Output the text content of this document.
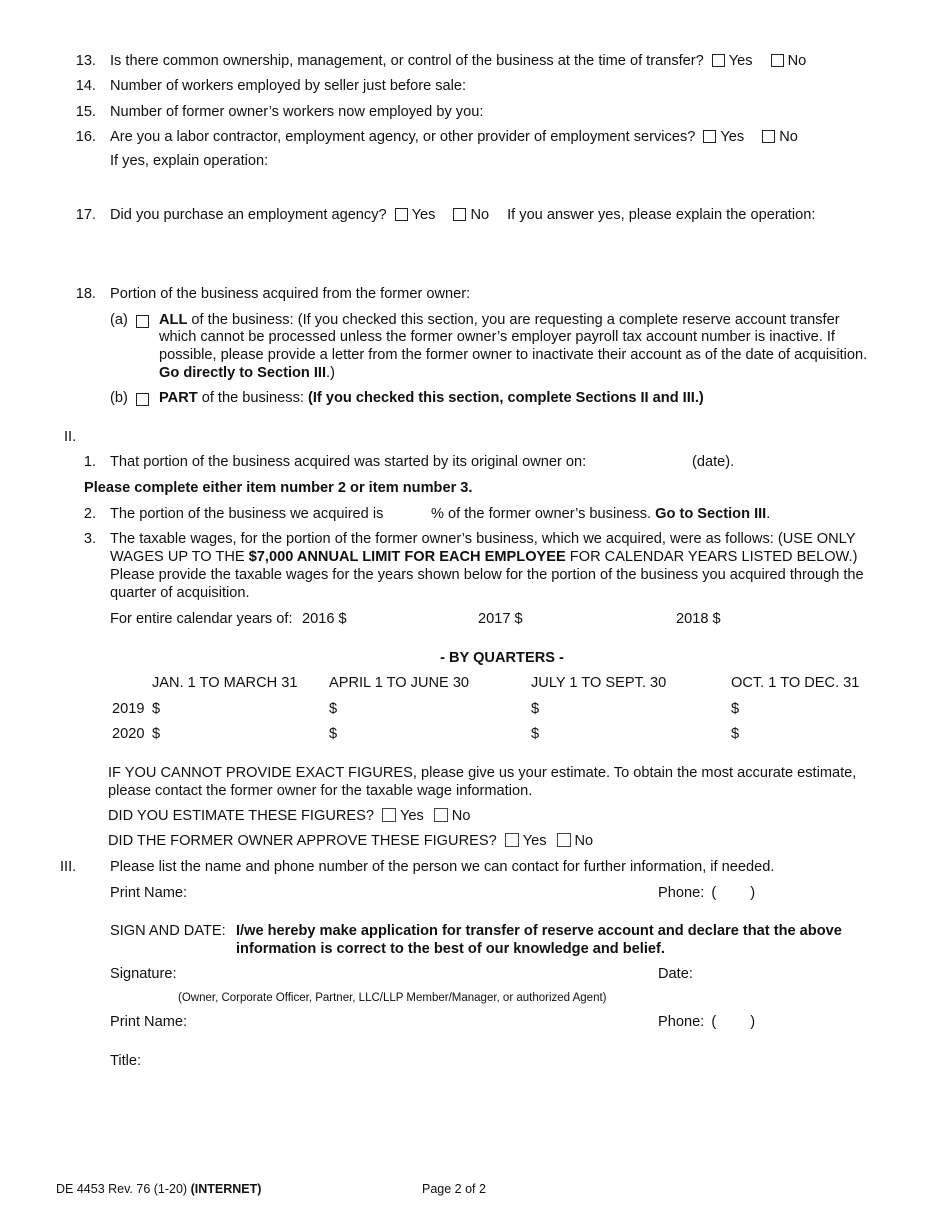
13. Is there common ownership, management, or control of the business at the time of transfer? Yes No
14. Number of workers employed by seller just before sale:
15. Number of former owner’s workers now employed by you:
16. Are you a labor contractor, employment agency, or other provider of employment services? Yes No
If yes, explain operation:
17. Did you purchase an employment agency? Yes No If you answer yes, please explain the operation:
18. Portion of the business acquired from the former owner:
(a) ALL of the business: (If you checked this section, you are requesting a complete reserve account transfer
which cannot be processed unless the former owner’s employer payroll tax account number is inactive. If
possible, please provide a letter from the former owner to inactivate their account as of the date of acquisition.
Go directly to Section III.)
(b) PART of the business: (If you checked this section, complete Sections II and III.)
II.
1. That portion of the business acquired was started by its original owner on:	(date).
Please complete either item number 2 or item number 3.
2. The portion of the business we acquired is	% of the former owner’s business. Go to Section III.
3. The taxable wages, for the portion of the former owner’s business, which we acquired, were as follows: (USE ONLY
WAGES UP TO THE $7,000 ANNUAL LIMIT FOR EACH EMPLOYEE FOR CALENDAR YEARS LISTED BELOW.)
Please provide the taxable wages for the years shown below for the portion of the business you acquired through the
quarter of acquisition.
For entire calendar years of: 2016 $	2017 $	2018 $
- BY QUARTERS -
JAN. 1 TO MARCH 31 APRIL 1 TO JUNE 30	JULY 1 TO SEPT. 30	OCT. 1 TO DEC. 31
2019 $	$	$	$
2020 $	$	$	$
IF YOU CANNOT PROVIDE EXACT FIGURES, please give us your estimate. To obtain the most accurate estimate,
please contact the former owner for the taxable wage information.
DID YOU ESTIMATE THESE FIGURES? Yes No
DID THE FORMER OWNER APPROVE THESE FIGURES? Yes No
III. Please list the name and phone number of the person we can contact for further information, if needed.
Print Name:	Phone: ( )
SIGN AND DATE: I/we hereby make application for transfer of reserve account and declare that the above
information is correct to the best of our knowledge and belief.
Signature:	Date:
(Owner, Corporate Officer, Partner, LLC/LLP Member/Manager, or authorized Agent)
Print Name:	Phone: ( )
Title:
DE 4453 Rev. 76 (1-20) (INTERNET)	Page 2 of 2
